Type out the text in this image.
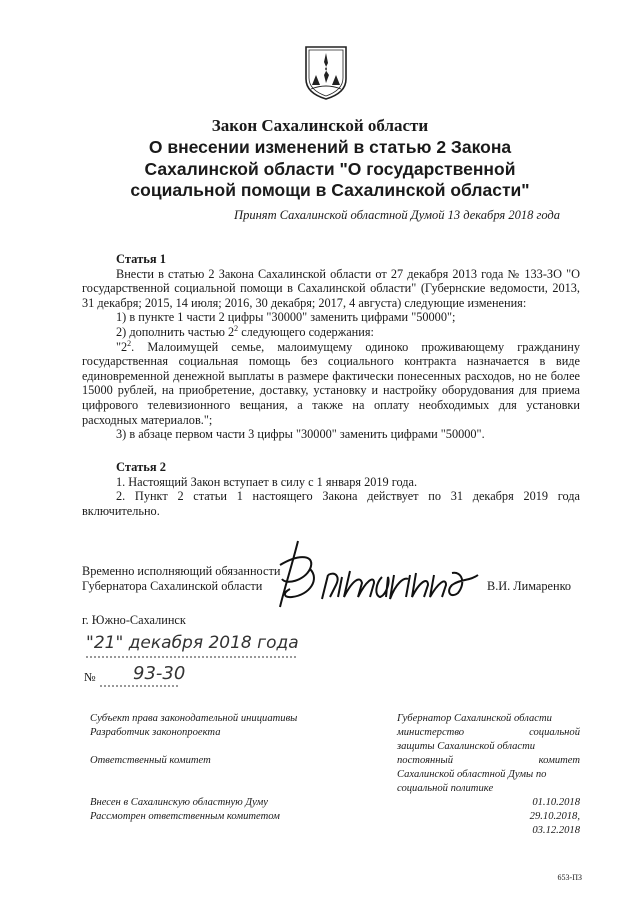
Закон Сахалинской области
О внесении изменений в статью 2 Закона
Сахалинской области "О государственной
социальной помощи в Сахалинской области"
Принят Сахалинской областной Думой 13 декабря 2018 года
Статья 1

Внести в статью 2 Закона Сахалинской области от 27 декабря 2013 года № 133-ЗО "О государственной социальной помощи в Сахалинской области" (Губернские ведомости, 2013, 31 декабря; 2015, 14 июля; 2016, 30 декабря; 2017, 4 августа) следующие изменения:

1) в пункте 1 части 2 цифры "30000" заменить цифрами "50000";

2) дополнить частью $2^2$ следующего содержания:

"$2^2$. Малоимущей семье, малоимущему одиноко проживающему гражданину государственная социальная помощь без социального контракта назначается в виде единовременной денежной выплаты в размере фактически понесенных расходов, но не более 15000 рублей, на приобретение, доставку, установку и настройку оборудования для приема цифрового телевизионного вещания, а также на оплату необходимых для установки расходных материалов.";

3) в абзаце первом части 3 цифры "30000" заменить цифрами "50000".

Статья 2

1. Настоящий Закон вступает в силу с 1 января 2019 года.

2. Пункт 2 статьи 1 настоящего Закона действует по 31 декабря 2019 года включительно.

Временно исполняющий обязанности
Губернатора Сахалинской области	В.И. Лимаренко
г. Южно-Сахалинск
"21" декабря 2018 года
№ 93-30
Субъект права законодательной инициативы
Разработчик законопроекта
Ответственный комитет
Внесен в Сахалинскую областную Думу
Рассмотрен ответственным комитетом
Губернатор Сахалинской области
министерство социальной
защиты Сахалинской области
постоянный комитет
Сахалинской областной Думы по
социальной политике
01.10.2018
29.10.2018,
03.12.2018
653-ПЗ
